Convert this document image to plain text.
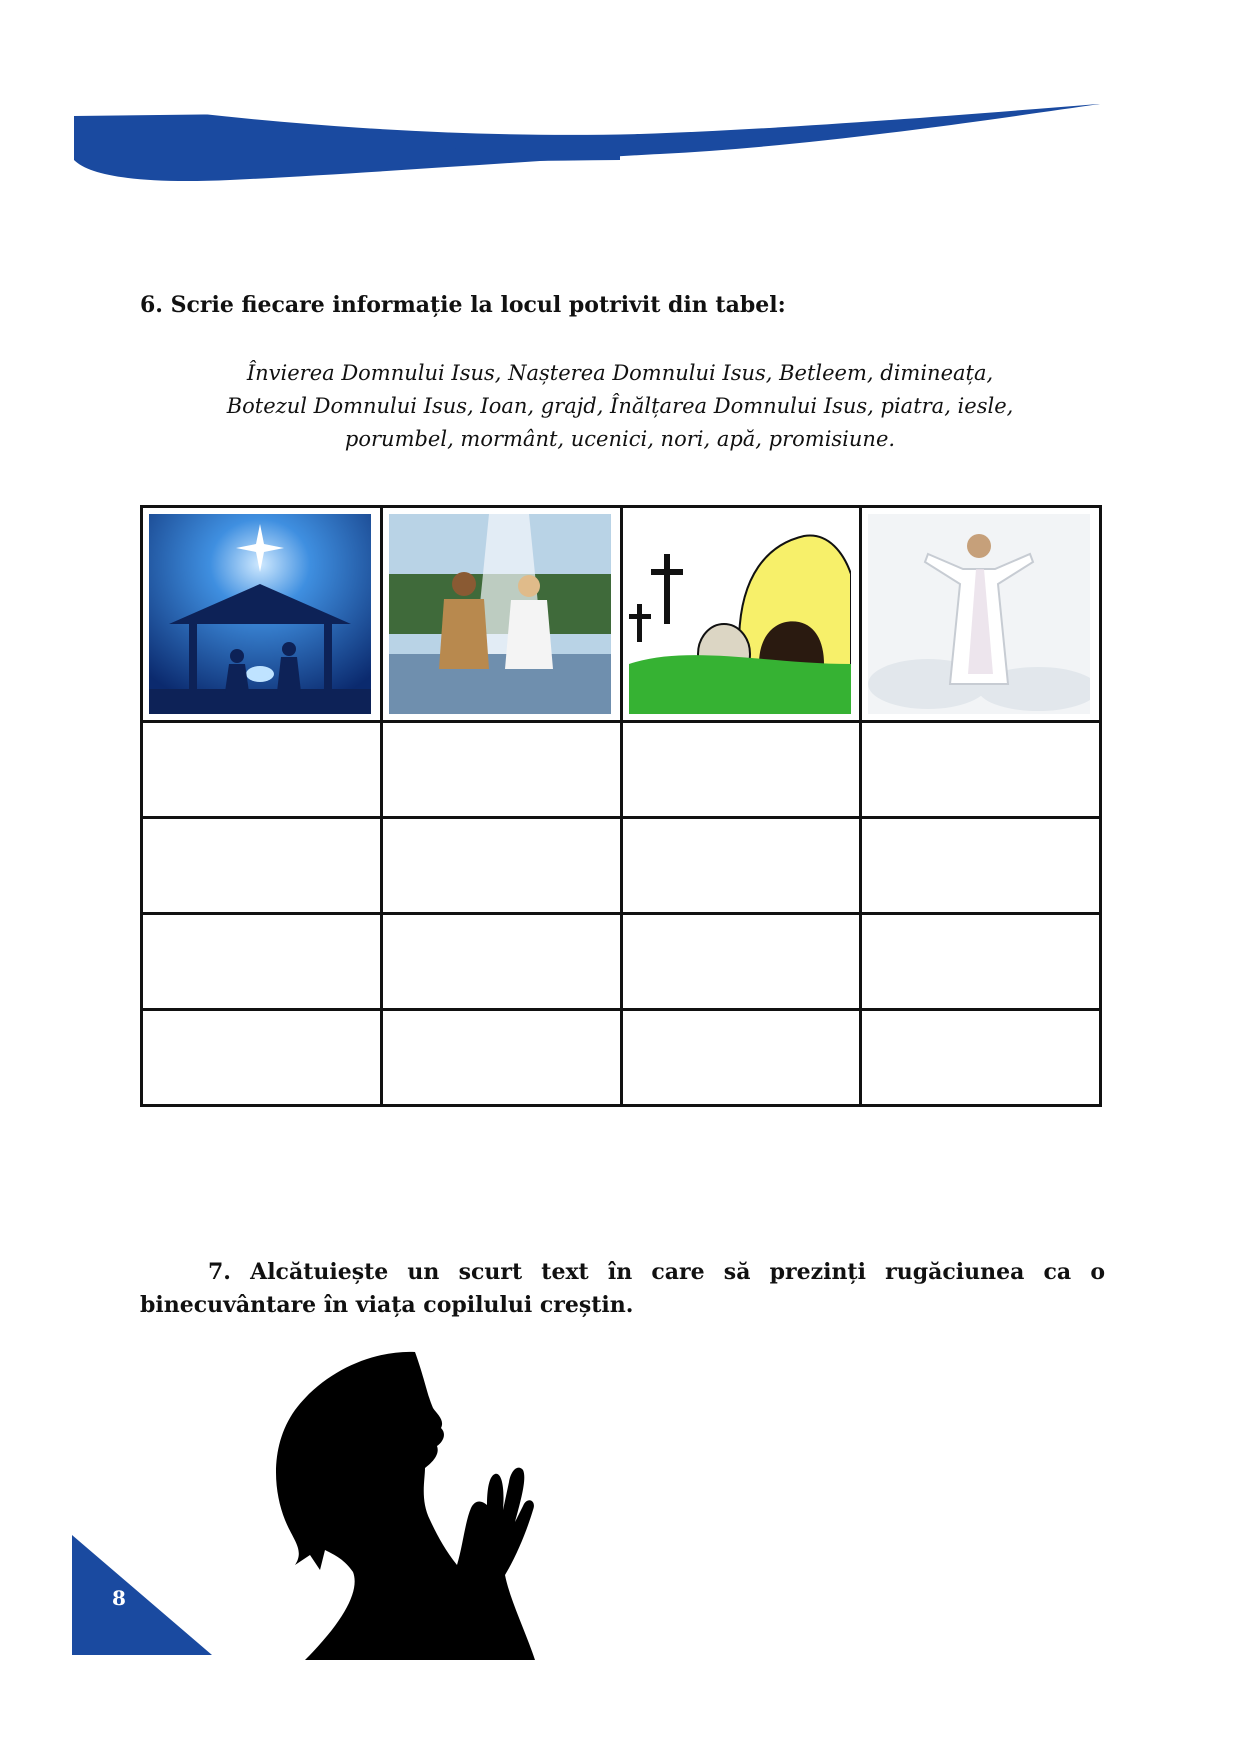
6. Scrie fiecare informație la locul potrivit din tabel:
Învierea Domnului Isus, Nașterea Domnului Isus, Betleem, dimineața,
Botezul Domnului Isus, Ioan, grajd, Înălțarea Domnului Isus, piatra, iesle,
porumbel, mormânt, ucenici, nori, apă, promisiune.

7. Alcătuiește un scurt text în care să prezinți rugăciunea ca o binecuvântare în viața copilului creștin.
8
